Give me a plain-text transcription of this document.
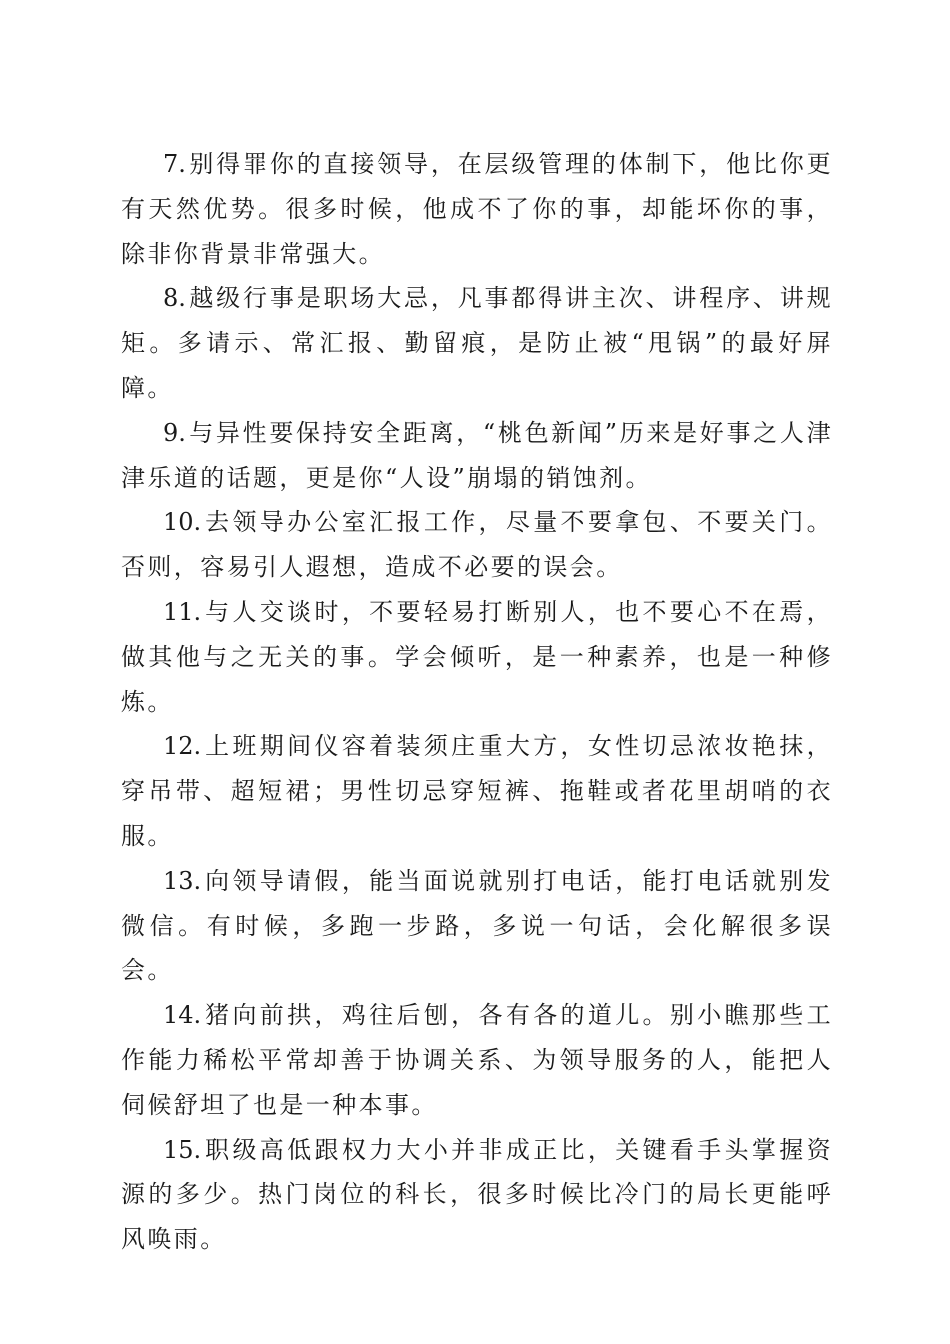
7. 别得罪你的直接领导，在层级管理的体制下，他比你更有天然优势。很多时候，他成不了你的事，却能坏你的事，除非你背景非常强大。

8. 越级行事是职场大忌，凡事都得讲主次、讲程序、讲规矩。多请示、常汇报、勤留痕，是防止被“甩锅”的最好屏障。

9. 与异性要保持安全距离，“桃色新闻”历来是好事之人津津乐道的话题，更是你“人设”崩塌的销蚀剂。

10. 去领导办公室汇报工作，尽量不要拿包、不要关门。否则，容易引人遐想，造成不必要的误会。

11. 与人交谈时，不要轻易打断别人，也不要心不在焉，做其他与之无关的事。学会倾听，是一种素养，也是一种修炼。

12. 上班期间仪容着装须庄重大方，女性切忌浓妆艳抹，穿吊带、超短裙；男性切忌穿短裤、拖鞋或者花里胡哨的衣服。

13. 向领导请假，能当面说就别打电话，能打电话就别发微信。有时候，多跑一步路，多说一句话，会化解很多误会。

14. 猪向前拱，鸡往后刨，各有各的道儿。别小瞧那些工作能力稀松平常却善于协调关系、为领导服务的人，能把人伺候舒坦了也是一种本事。

15. 职级高低跟权力大小并非成正比，关键看手头掌握资源的多少。热门岗位的科长，很多时候比冷门的局长更能呼风唤雨。
